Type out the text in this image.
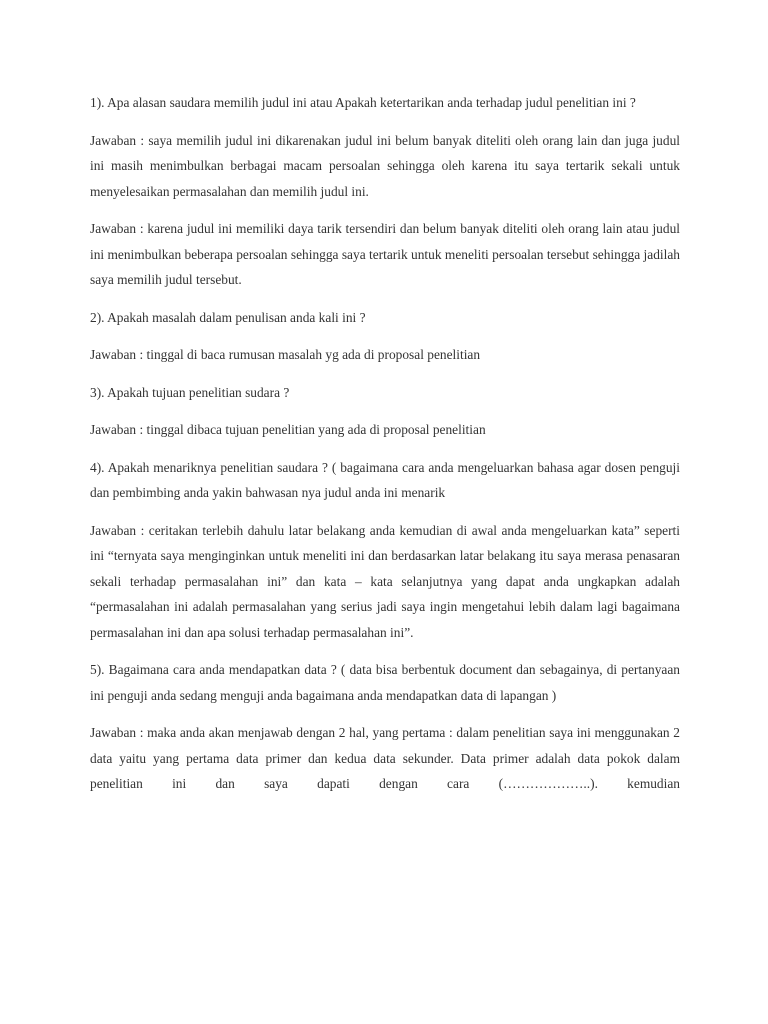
1). Apa alasan saudara memilih judul ini atau Apakah ketertarikan anda terhadap judul penelitian ini ?

Jawaban : saya memilih judul ini dikarenakan judul ini belum banyak diteliti oleh orang lain dan juga judul ini masih menimbulkan berbagai macam persoalan sehingga oleh karena itu saya tertarik sekali untuk menyelesaikan permasalahan dan memilih judul ini.

Jawaban : karena judul ini memiliki daya tarik tersendiri dan belum banyak diteliti oleh orang lain atau judul ini menimbulkan beberapa persoalan sehingga saya tertarik untuk meneliti persoalan tersebut sehingga jadilah saya memilih judul tersebut.

2). Apakah masalah dalam penulisan anda kali ini ?

Jawaban : tinggal di baca rumusan masalah yg ada di proposal penelitian

3). Apakah tujuan penelitian sudara ?

Jawaban : tinggal dibaca tujuan penelitian yang ada di proposal penelitian

4). Apakah menariknya penelitian saudara ? ( bagaimana cara anda mengeluarkan bahasa agar dosen penguji dan pembimbing anda yakin bahwasan nya judul anda ini menarik

Jawaban : ceritakan terlebih dahulu latar belakang anda kemudian di awal anda mengeluarkan kata” seperti ini “ternyata saya menginginkan untuk meneliti ini dan berdasarkan latar belakang itu saya merasa penasaran sekali terhadap permasalahan ini” dan kata – kata selanjutnya yang dapat anda ungkapkan adalah “permasalahan ini adalah permasalahan yang serius jadi saya ingin mengetahui lebih dalam lagi bagaimana permasalahan ini dan apa solusi terhadap permasalahan ini”.

5). Bagaimana cara anda mendapatkan data ? ( data bisa berbentuk document dan sebagainya, di pertanyaan ini penguji anda sedang menguji anda bagaimana anda mendapatkan data di lapangan )

Jawaban : maka anda akan menjawab dengan 2 hal, yang pertama : dalam penelitian saya ini menggunakan 2 data yaitu yang pertama data primer dan kedua data sekunder. Data primer adalah data pokok dalam penelitian ini dan saya dapati dengan cara (………………..). kemudian
